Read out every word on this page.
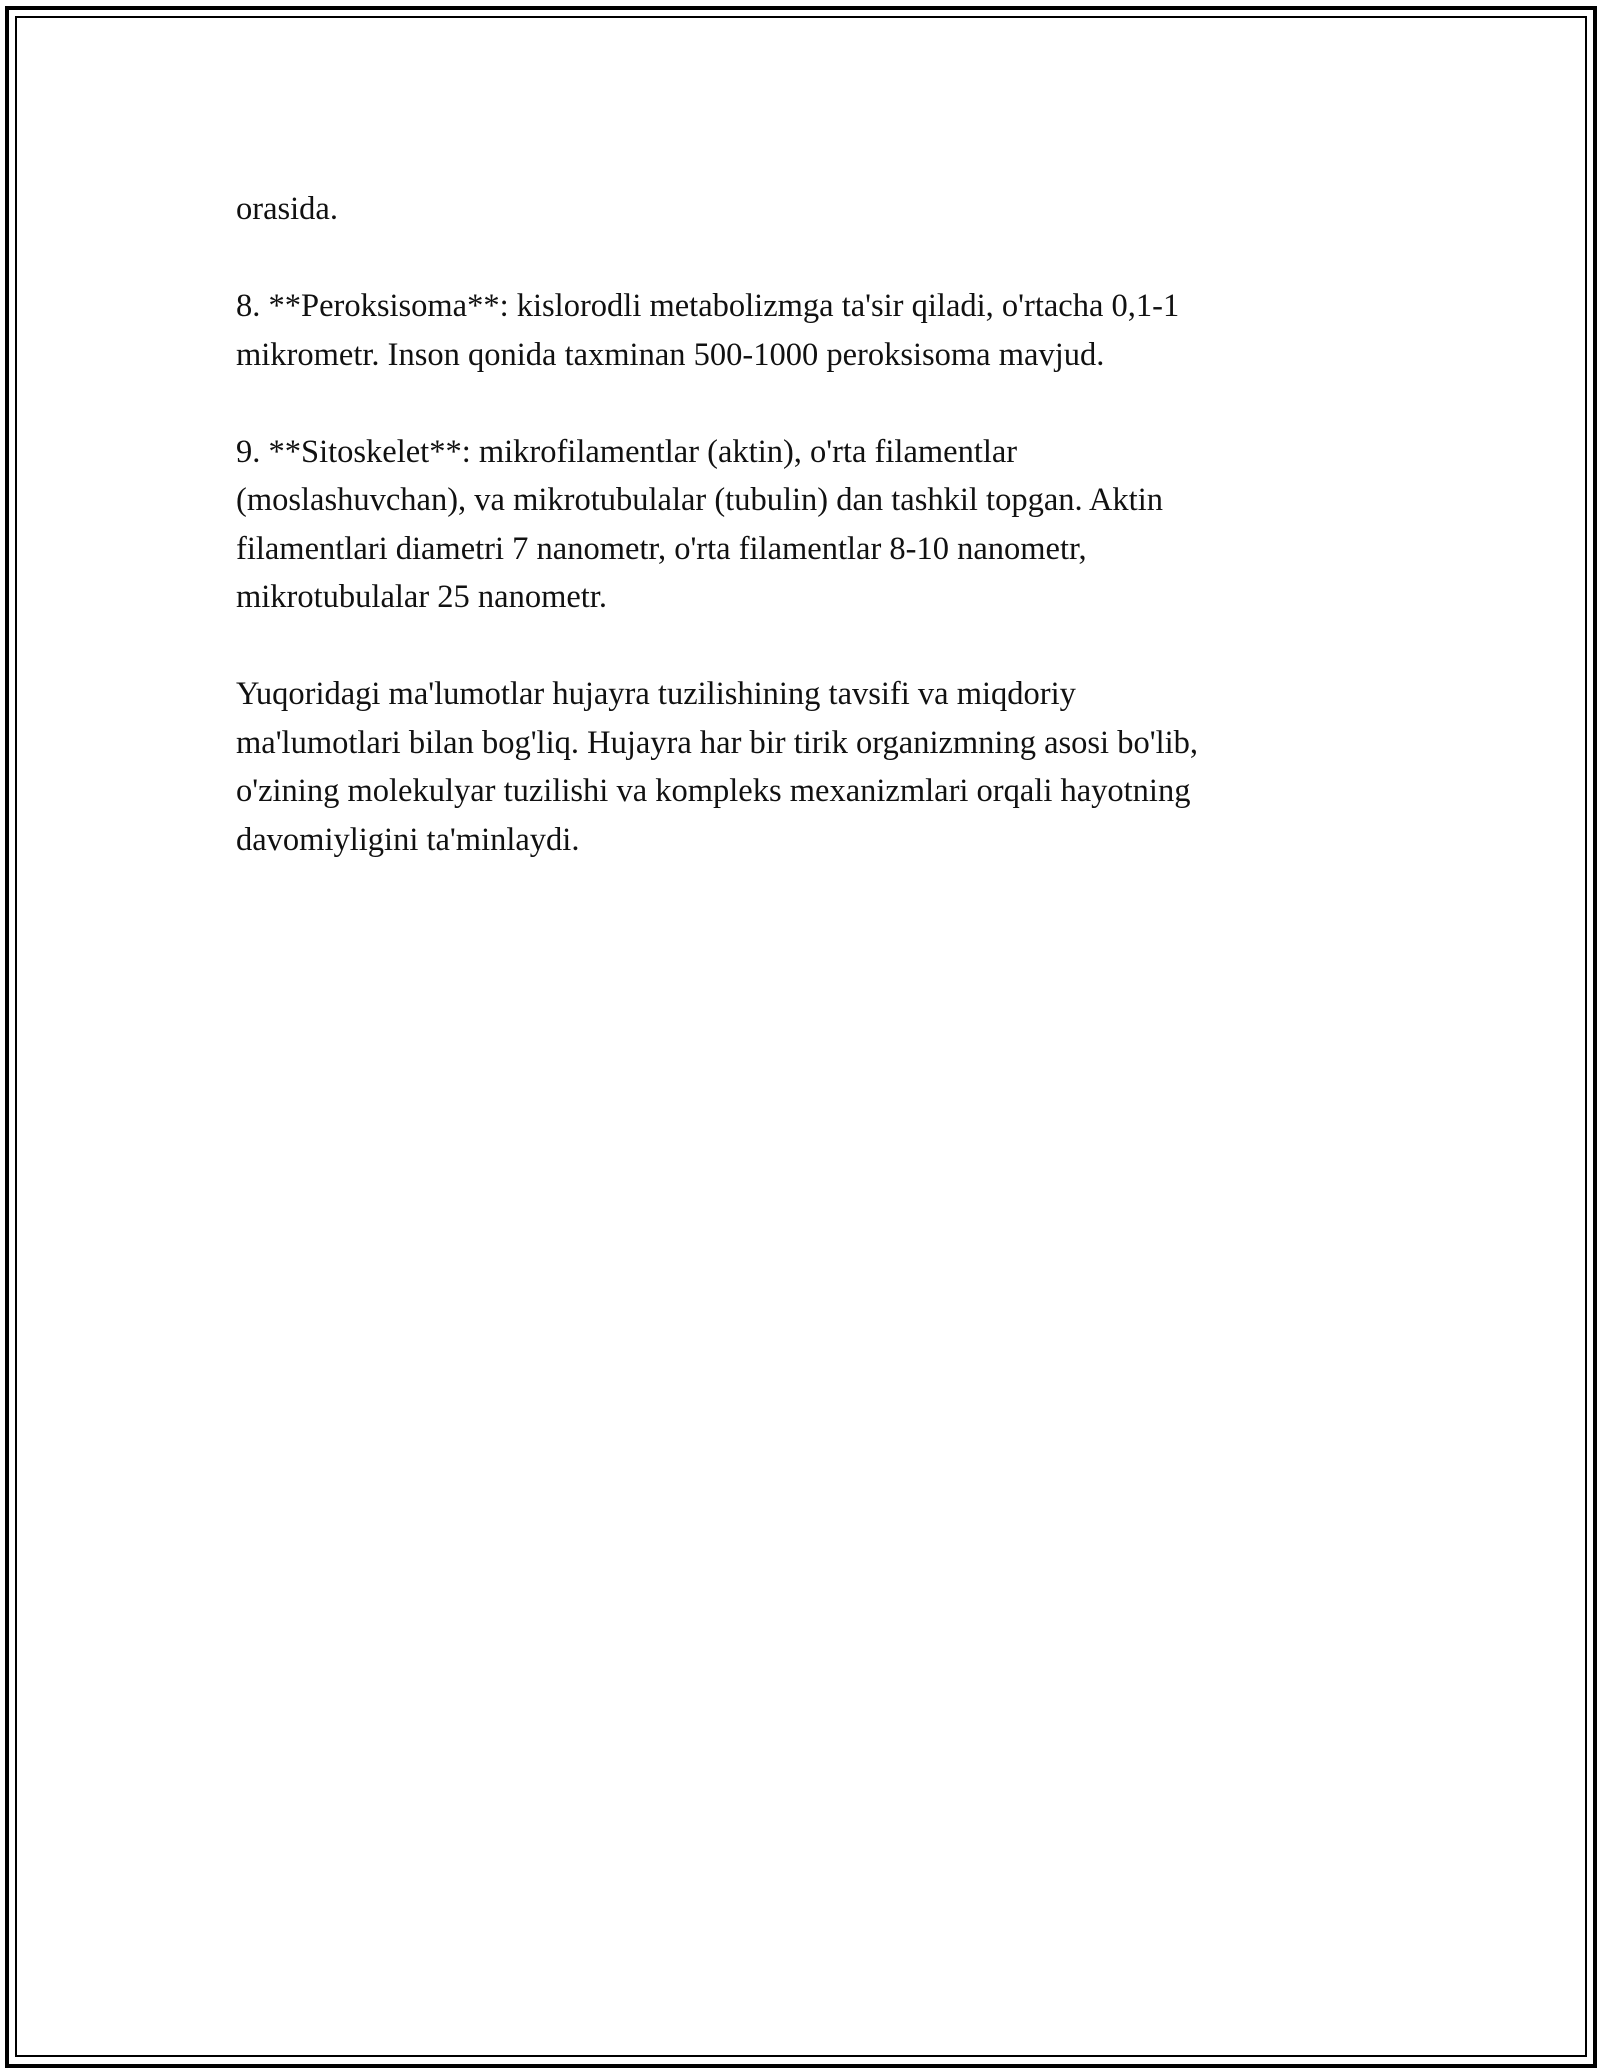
orasida.

8. **Peroksisoma**: kislorodli metabolizmga ta'sir qiladi, o'rtacha 0,1-1
mikrometr. Inson qonida taxminan 500-1000 peroksisoma mavjud.

9. **Sitoskelet**: mikrofilamentlar (aktin), o'rta filamentlar
(moslashuvchan), va mikrotubulalar (tubulin) dan tashkil topgan. Aktin
filamentlari diametri 7 nanometr, o'rta filamentlar 8-10 nanometr,
mikrotubulalar 25 nanometr.

Yuqoridagi ma'lumotlar hujayra tuzilishining tavsifi va miqdoriy
ma'lumotlari bilan bog'liq. Hujayra har bir tirik organizmning asosi bo'lib,
o'zining molekulyar tuzilishi va kompleks mexanizmlari orqali hayotning
davomiyligini ta'minlaydi.
